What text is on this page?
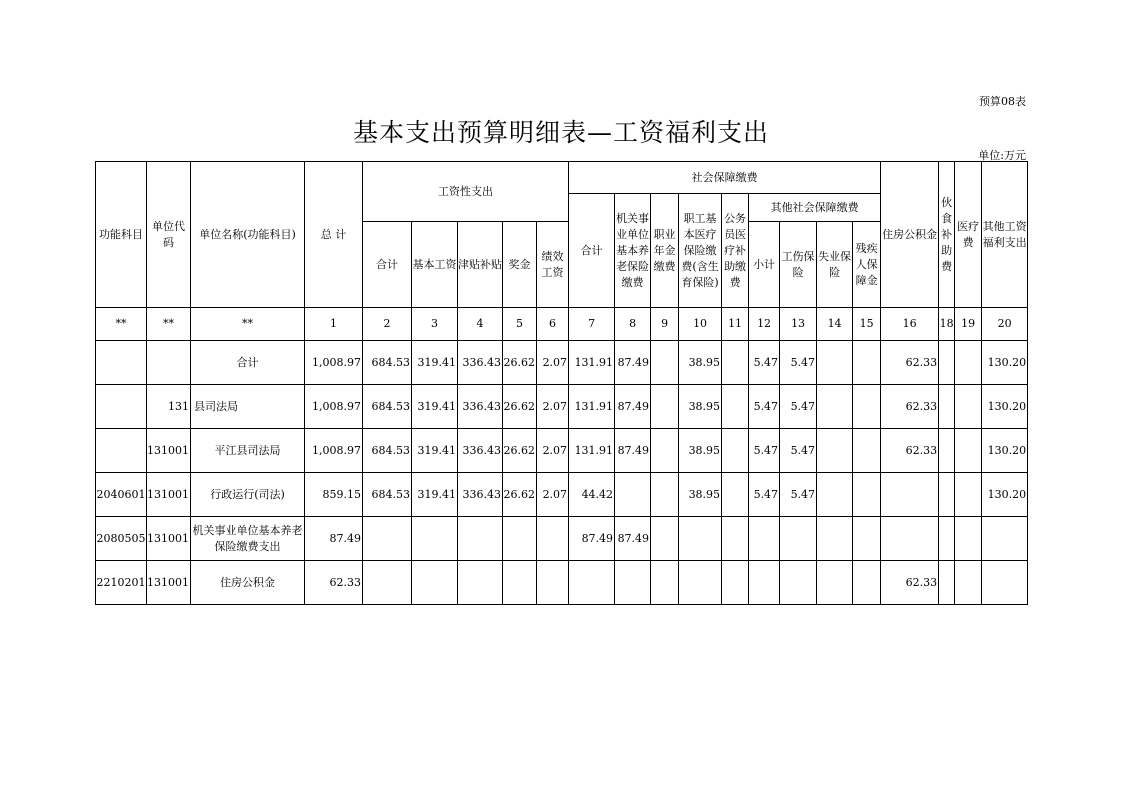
预算08表
基本支出预算明细表—工资福利支出
单位:万元
功能科目	单位代码	单位名称(功能科目)	总 计	工资性支出					社会保障缴费									住房公积金	伙食补助费	医疗费	其他工资福利支出
									合计	机关事业单位基本养老保险缴费	职业年金缴费	职工基本医疗保险缴费(含生育保险)	公务员医疗补助缴费	其他社会保障缴费							
				合计	基本工资	津贴补贴	奖金	绩效工资						小计	工伤保险	失业保险	残疾人保障金				
**	**	**	1	2	3	4	5	6	7	8	9	10	11	12	13	14	15	16	18	19	20
		合计	1,008.97	684.53	319.41	336.43	26.62	2.07	131.91	87.49		38.95		5.47	5.47			62.33			130.20
	131	县司法局	1,008.97	684.53	319.41	336.43	26.62	2.07	131.91	87.49		38.95		5.47	5.47			62.33			130.20
	131001	平江县司法局	1,008.97	684.53	319.41	336.43	26.62	2.07	131.91	87.49		38.95		5.47	5.47			62.33			130.20
2040601	131001	行政运行(司法)	859.15	684.53	319.41	336.43	26.62	2.07	44.42			38.95		5.47	5.47						130.20
2080505	131001	机关事业单位基本养老保险缴费支出	87.49						87.49	87.49											
2210201	131001	住房公积金	62.33															62.33			
